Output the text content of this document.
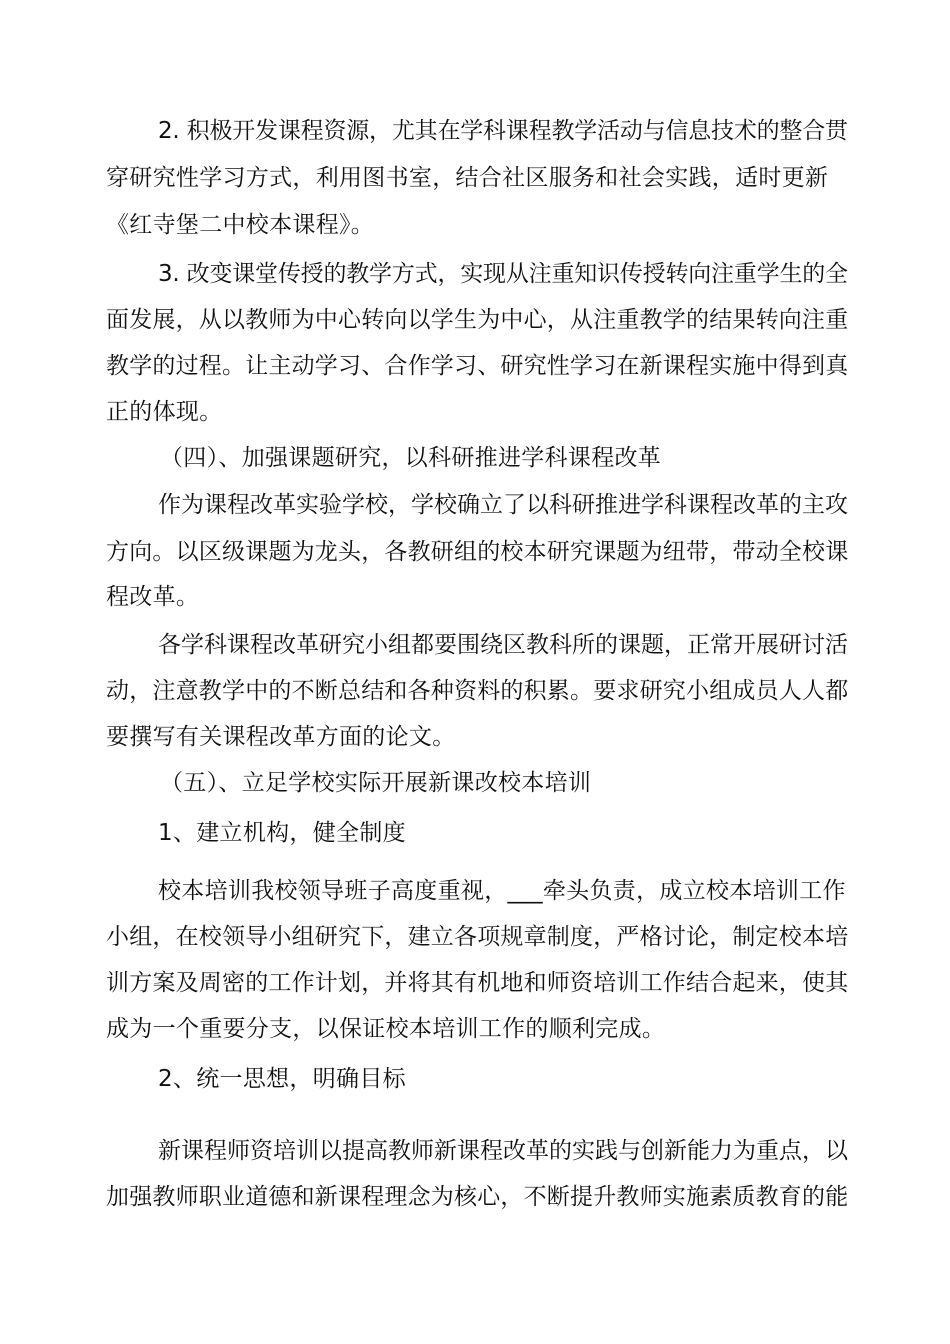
2. 积极开发课程资源，尤其在学科课程教学活动与信息技术的整合贯
穿研究性学习方式，利用图书室，结合社区服务和社会实践，适时更新
《红寺堡二中校本课程》。
3. 改变课堂传授的教学方式，实现从注重知识传授转向注重学生的全
面发展，从以教师为中心转向以学生为中心，从注重教学的结果转向注重
教学的过程。让主动学习、合作学习、研究性学习在新课程实施中得到真
正的体现。
（四）、加强课题研究，以科研推进学科课程改革
作为课程改革实验学校，学校确立了以科研推进学科课程改革的主攻
方向。以区级课题为龙头，各教研组的校本研究课题为纽带，带动全校课
程改革。
各学科课程改革研究小组都要围绕区教科所的课题，正常开展研讨活
动，注意教学中的不断总结和各种资料的积累。要求研究小组成员人人都
要撰写有关课程改革方面的论文。
（五）、立足学校实际开展新课改校本培训
1、建立机构，健全制度
校本培训我校领导班子高度重视，___牵头负责，成立校本培训工作
小组，在校领导小组研究下，建立各项规章制度，严格讨论，制定校本培
训方案及周密的工作计划，并将其有机地和师资培训工作结合起来，使其
成为一个重要分支，以保证校本培训工作的顺利完成。
2、统一思想，明确目标
新课程师资培训以提高教师新课程改革的实践与创新能力为重点，以
加强教师职业道德和新课程理念为核心，不断提升教师实施素质教育的能
